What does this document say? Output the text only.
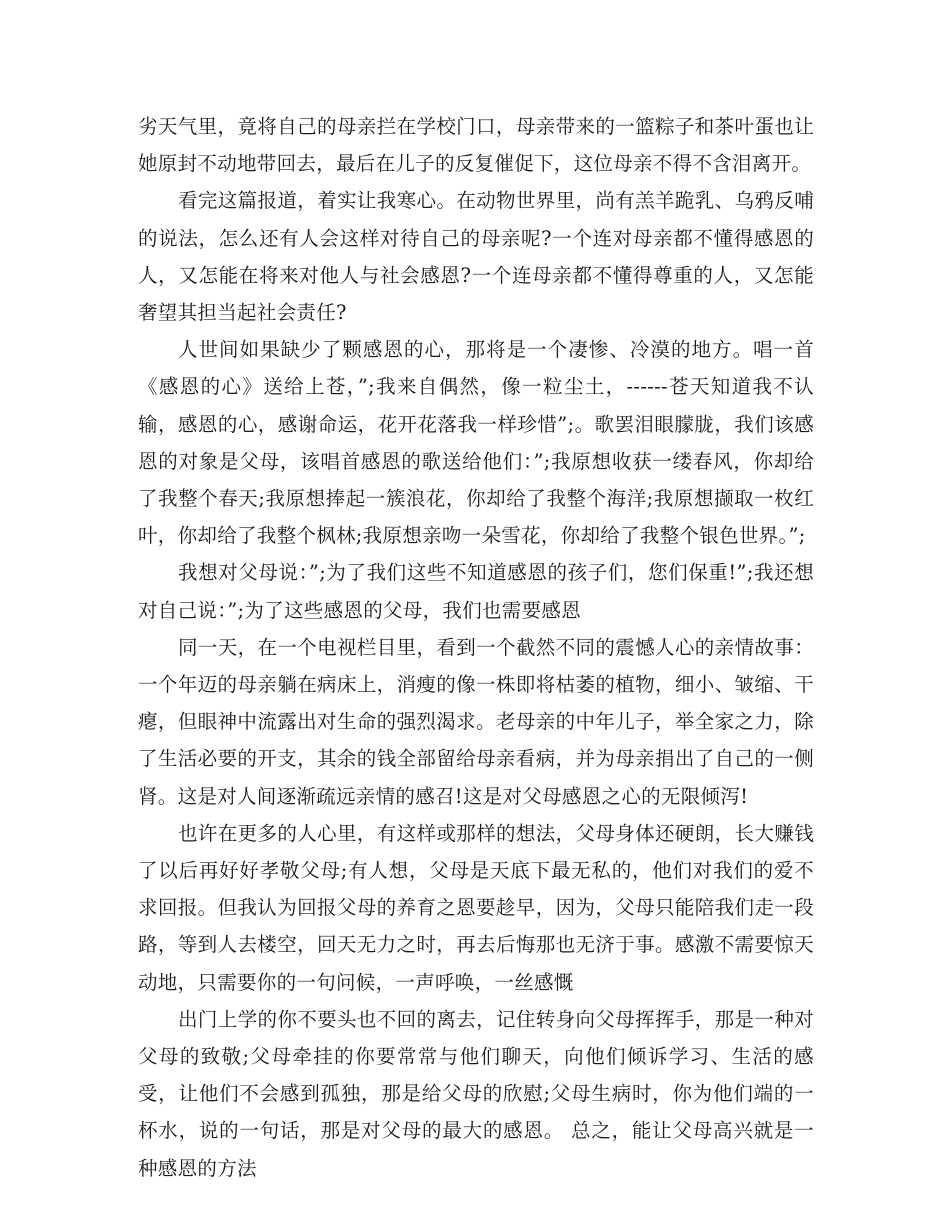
劣天气里，竟将自己的母亲拦在学校门口，母亲带来的一篮粽子和茶叶蛋也让她原封不动地带回去，最后在儿子的反复催促下，这位母亲不得不含泪离开。

看完这篇报道，着实让我寒心。在动物世界里，尚有羔羊跪乳、乌鸦反哺的说法，怎么还有人会这样对待自己的母亲呢?一个连对母亲都不懂得感恩的人，又怎能在将来对他人与社会感恩?一个连母亲都不懂得尊重的人，又怎能奢望其担当起社会责任?

人世间如果缺少了颗感恩的心，那将是一个凄惨、冷漠的地方。唱一首《感恩的心》送给上苍，”;我来自偶然，像一粒尘土，------苍天知道我不认输，感恩的心，感谢命运，花开花落我一样珍惜”;。歌罢泪眼朦胧，我们该感恩的对象是父母，该唱首感恩的歌送给他们：”;我原想收获一缕春风，你却给了我整个春天;我原想捧起一簇浪花，你却给了我整个海洋;我原想撷取一枚红叶，你却给了我整个枫林;我原想亲吻一朵雪花，你却给了我整个银色世界。”;

我想对父母说：”;为了我们这些不知道感恩的孩子们，您们保重!”;我还想对自己说：”;为了这些感恩的父母，我们也需要感恩

同一天，在一个电视栏目里，看到一个截然不同的震憾人心的亲情故事：一个年迈的母亲躺在病床上，消瘦的像一株即将枯萎的植物，细小、皱缩、干瘪，但眼神中流露出对生命的强烈渴求。老母亲的中年儿子，举全家之力，除了生活必要的开支，其余的钱全部留给母亲看病，并为母亲捐出了自己的一侧肾。这是对人间逐渐疏远亲情的感召!这是对父母感恩之心的无限倾泻!

也许在更多的人心里，有这样或那样的想法，父母身体还硬朗，长大赚钱了以后再好好孝敬父母;有人想，父母是天底下最无私的，他们对我们的爱不求回报。但我认为回报父母的养育之恩要趁早，因为，父母只能陪我们走一段路，等到人去楼空，回天无力之时，再去后悔那也无济于事。感激不需要惊天动地，只需要你的一句问候，一声呼唤，一丝感慨

出门上学的你不要头也不回的离去，记住转身向父母挥挥手，那是一种对父母的致敬;父母牵挂的你要常常与他们聊天，向他们倾诉学习、生活的感受，让他们不会感到孤独，那是给父母的欣慰;父母生病时，你为他们端的一杯水，说的一句话，那是对父母的最大的感恩。 总之，能让父母高兴就是一种感恩的方法
